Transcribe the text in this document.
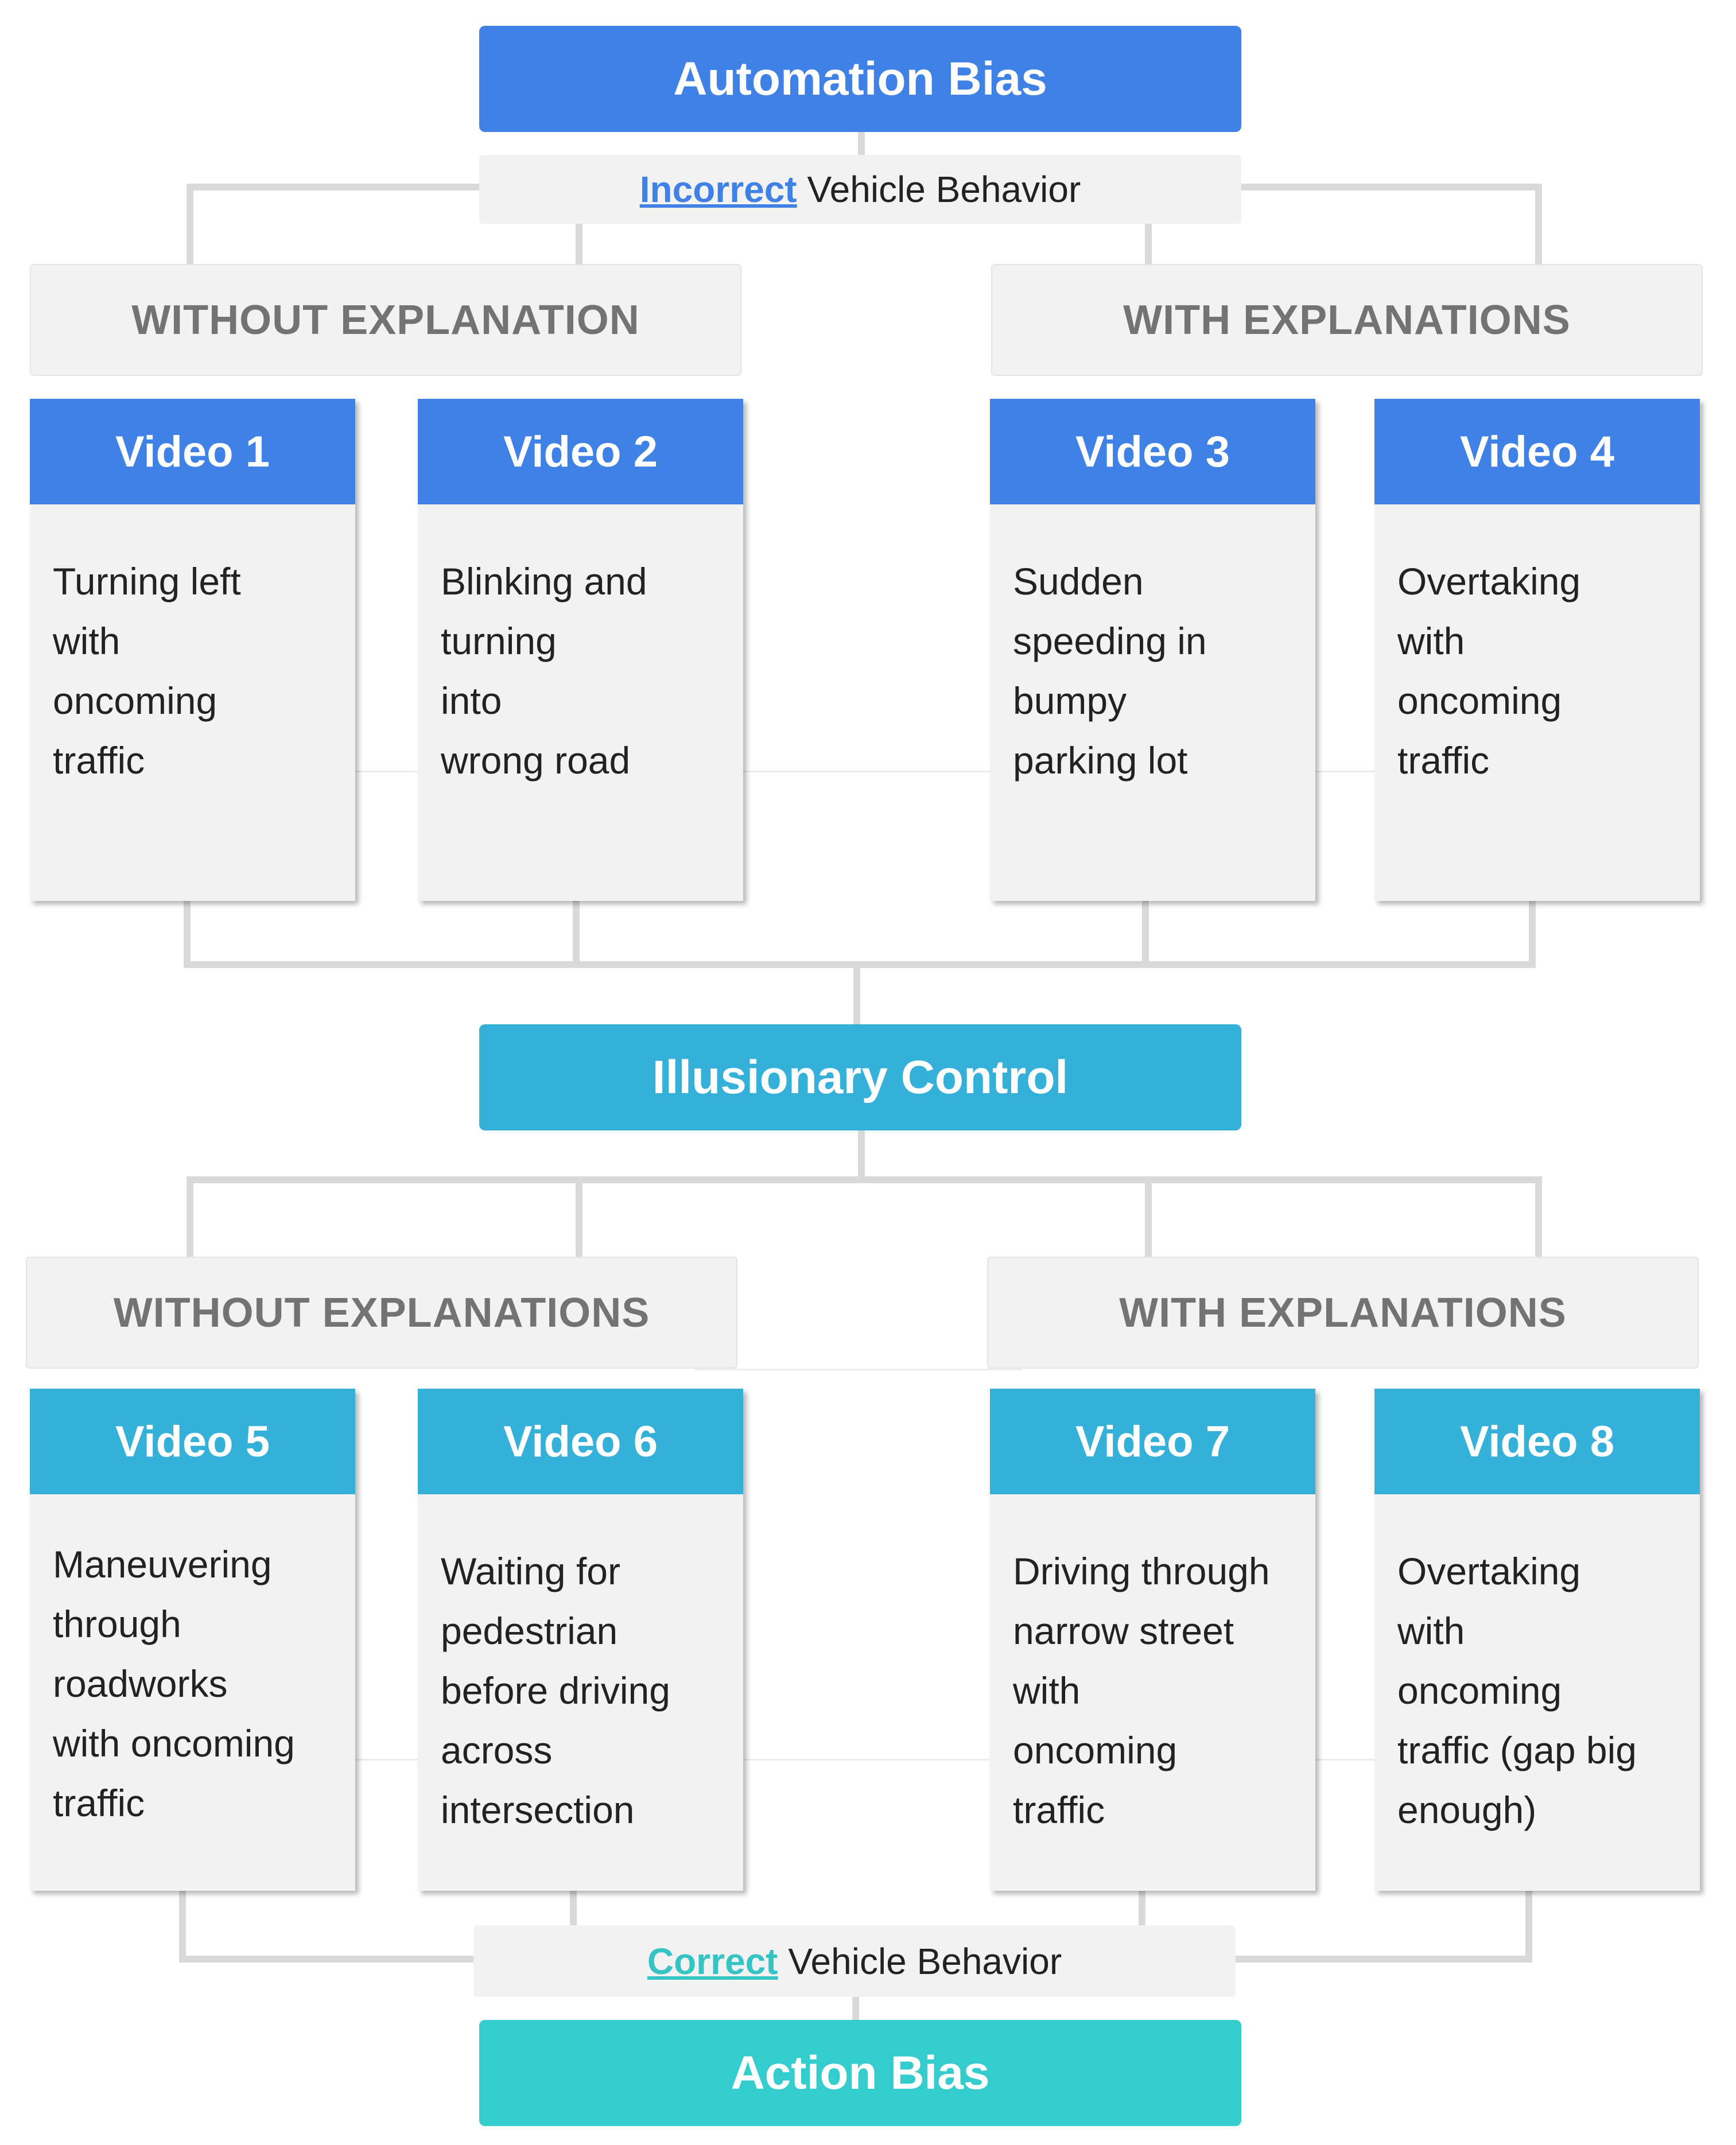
Automation Bias
Incorrect Vehicle Behavior
WITHOUT EXPLANATION	WITH EXPLANATIONS
Video 1
Turning left
with
oncoming
traffic
Video 2
Blinking and
turning
into
wrong road
Video 3
Sudden
speeding in
bumpy
parking lot
Video 4
Overtaking
with
oncoming
traffic
Illusionary Control
WITHOUT EXPLANATIONS	WITH EXPLANATIONS
Video 5
Maneuvering
through
roadworks
with oncoming
traffic
Video 6
Waiting for
pedestrian
before driving
across
intersection
Video 7
Driving through
narrow street
with
oncoming
traffic
Video 8
Overtaking
with
oncoming
traffic (gap big
enough)
Correct Vehicle Behavior
Action Bias
